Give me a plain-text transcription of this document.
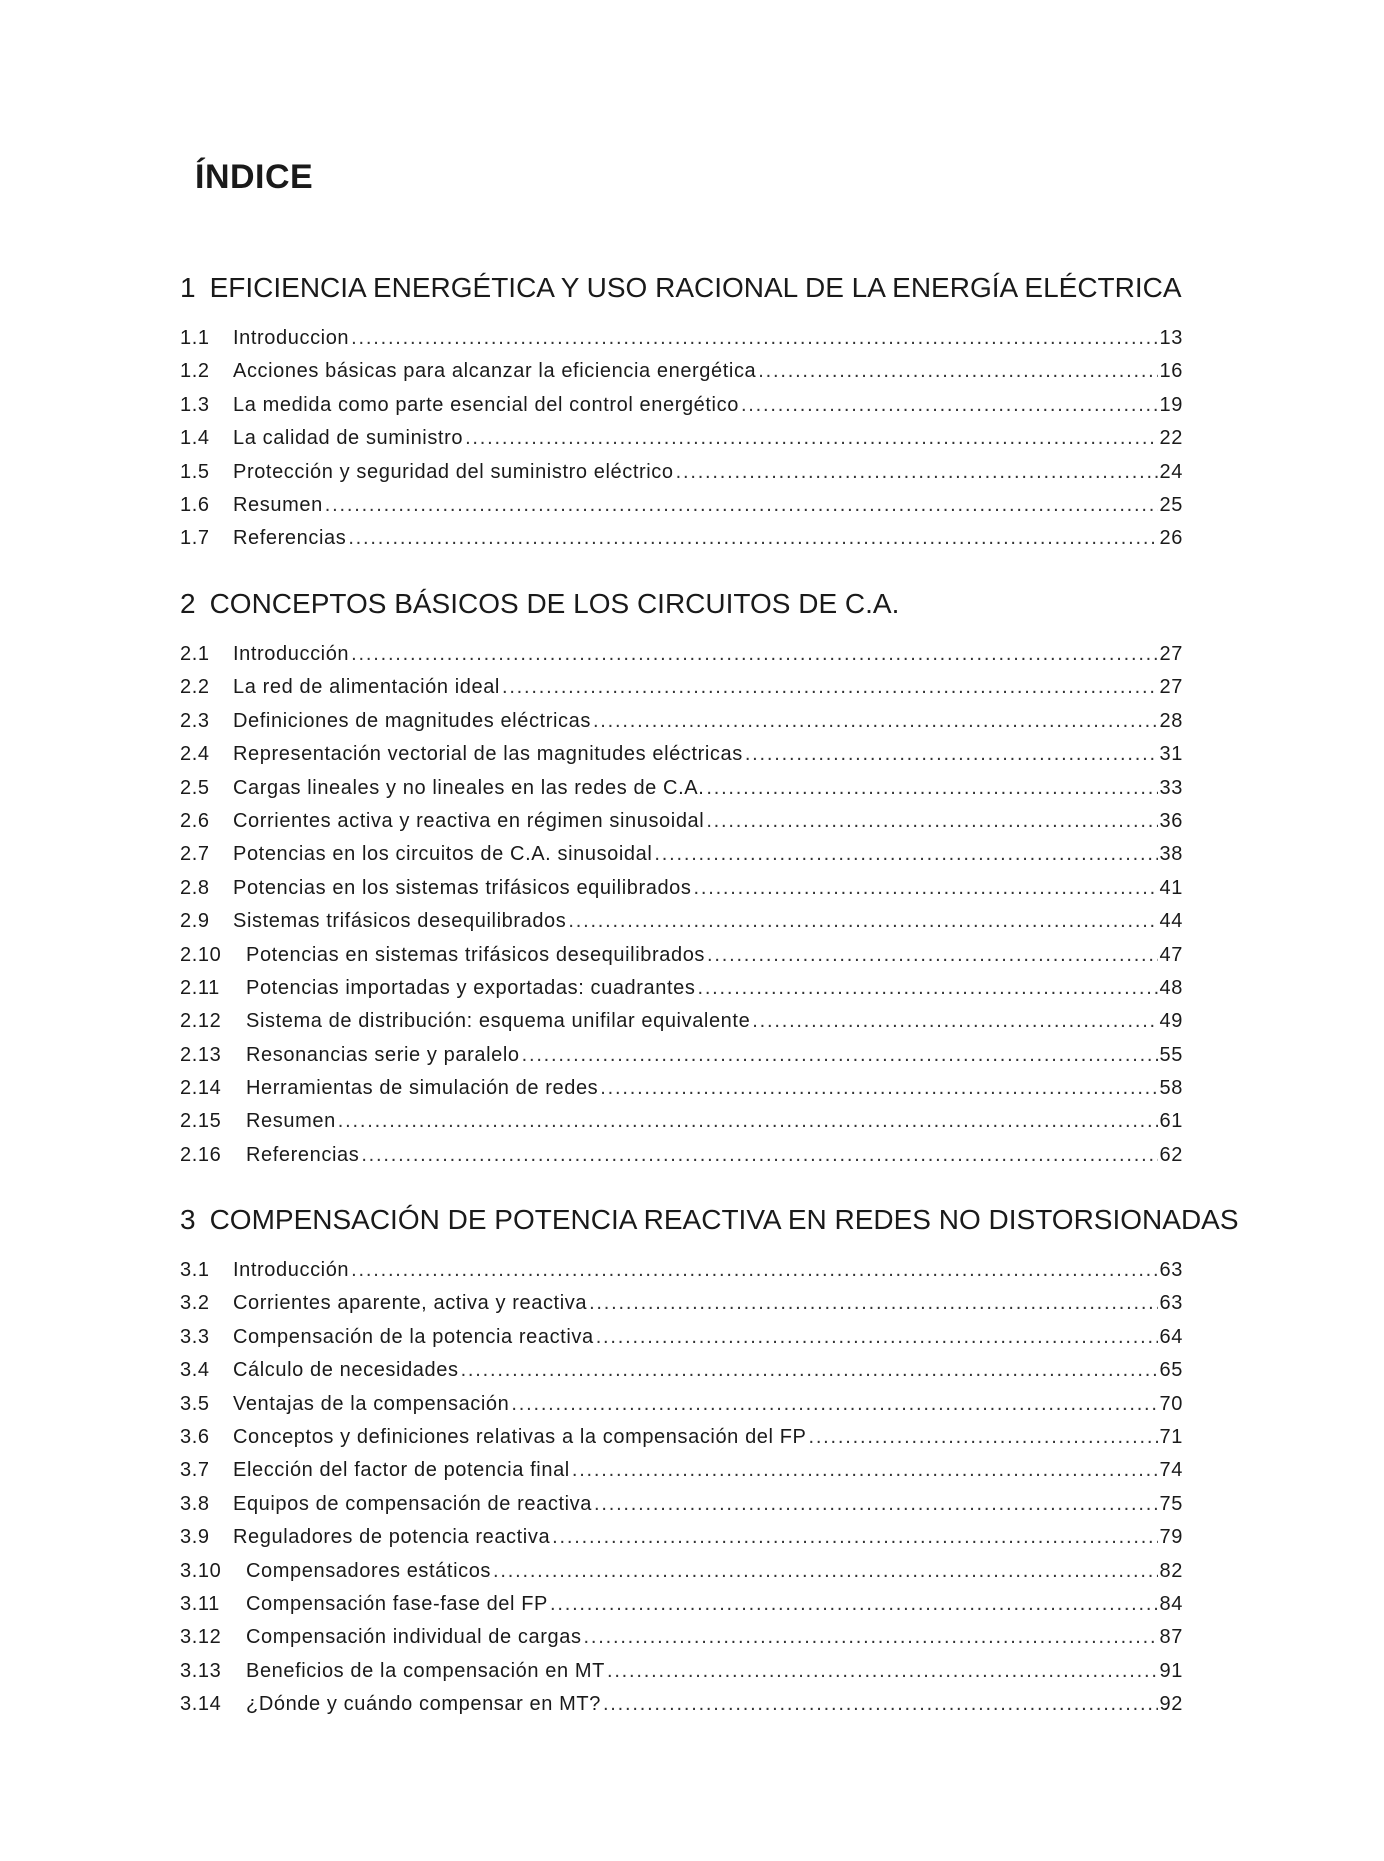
ÍNDICE
1 EFICIENCIA ENERGÉTICA Y USO RACIONAL DE LA ENERGÍA ELÉCTRICA
1.1	Introduccion .....	13
1.2	Acciones básicas para alcanzar la eficiencia energética .....	16
1.3	La medida como parte esencial del control energético .....	19
1.4	La calidad de suministro .....	22
1.5	Protección y seguridad del suministro eléctrico .....	24
1.6	Resumen .....	25
1.7	Referencias .....	26
2 CONCEPTOS BÁSICOS DE LOS CIRCUITOS DE C.A.
2.1	Introducción .....	27
2.2	La red de alimentación ideal .....	27
2.3	Definiciones de magnitudes eléctricas .....	28
2.4	Representación vectorial de las magnitudes eléctricas .....	31
2.5	Cargas lineales y no lineales en las redes de C.A. .....	33
2.6	Corrientes activa y reactiva en régimen sinusoidal .....	36
2.7	Potencias en los circuitos de C.A. sinusoidal .....	38
2.8	Potencias en los sistemas trifásicos equilibrados .....	41
2.9	Sistemas trifásicos desequilibrados .....	44
2.10	Potencias en sistemas trifásicos desequilibrados .....	47
2.11	Potencias importadas y exportadas: cuadrantes .....	48
2.12	Sistema de distribución: esquema unifilar equivalente .....	49
2.13	Resonancias serie y paralelo .....	55
2.14	Herramientas de simulación de redes .....	58
2.15	Resumen .....	61
2.16	Referencias .....	62
3 COMPENSACIÓN DE POTENCIA REACTIVA EN REDES NO DISTORSIONADAS
3.1	Introducción .....	63
3.2	Corrientes aparente, activa y reactiva .....	63
3.3	Compensación de la potencia reactiva .....	64
3.4	Cálculo de necesidades .....	65
3.5	Ventajas de la compensación .....	70
3.6	Conceptos y definiciones relativas a la compensación del FP .....	71
3.7	Elección del factor de potencia final .....	74
3.8	Equipos de compensación de reactiva .....	75
3.9	Reguladores de potencia reactiva .....	79
3.10	Compensadores estáticos .....	82
3.11	Compensación fase-fase del FP .....	84
3.12	Compensación individual de cargas .....	87
3.13	Beneficios de la compensación en MT .....	91
3.14	¿Dónde y cuándo compensar en MT? .....	92
